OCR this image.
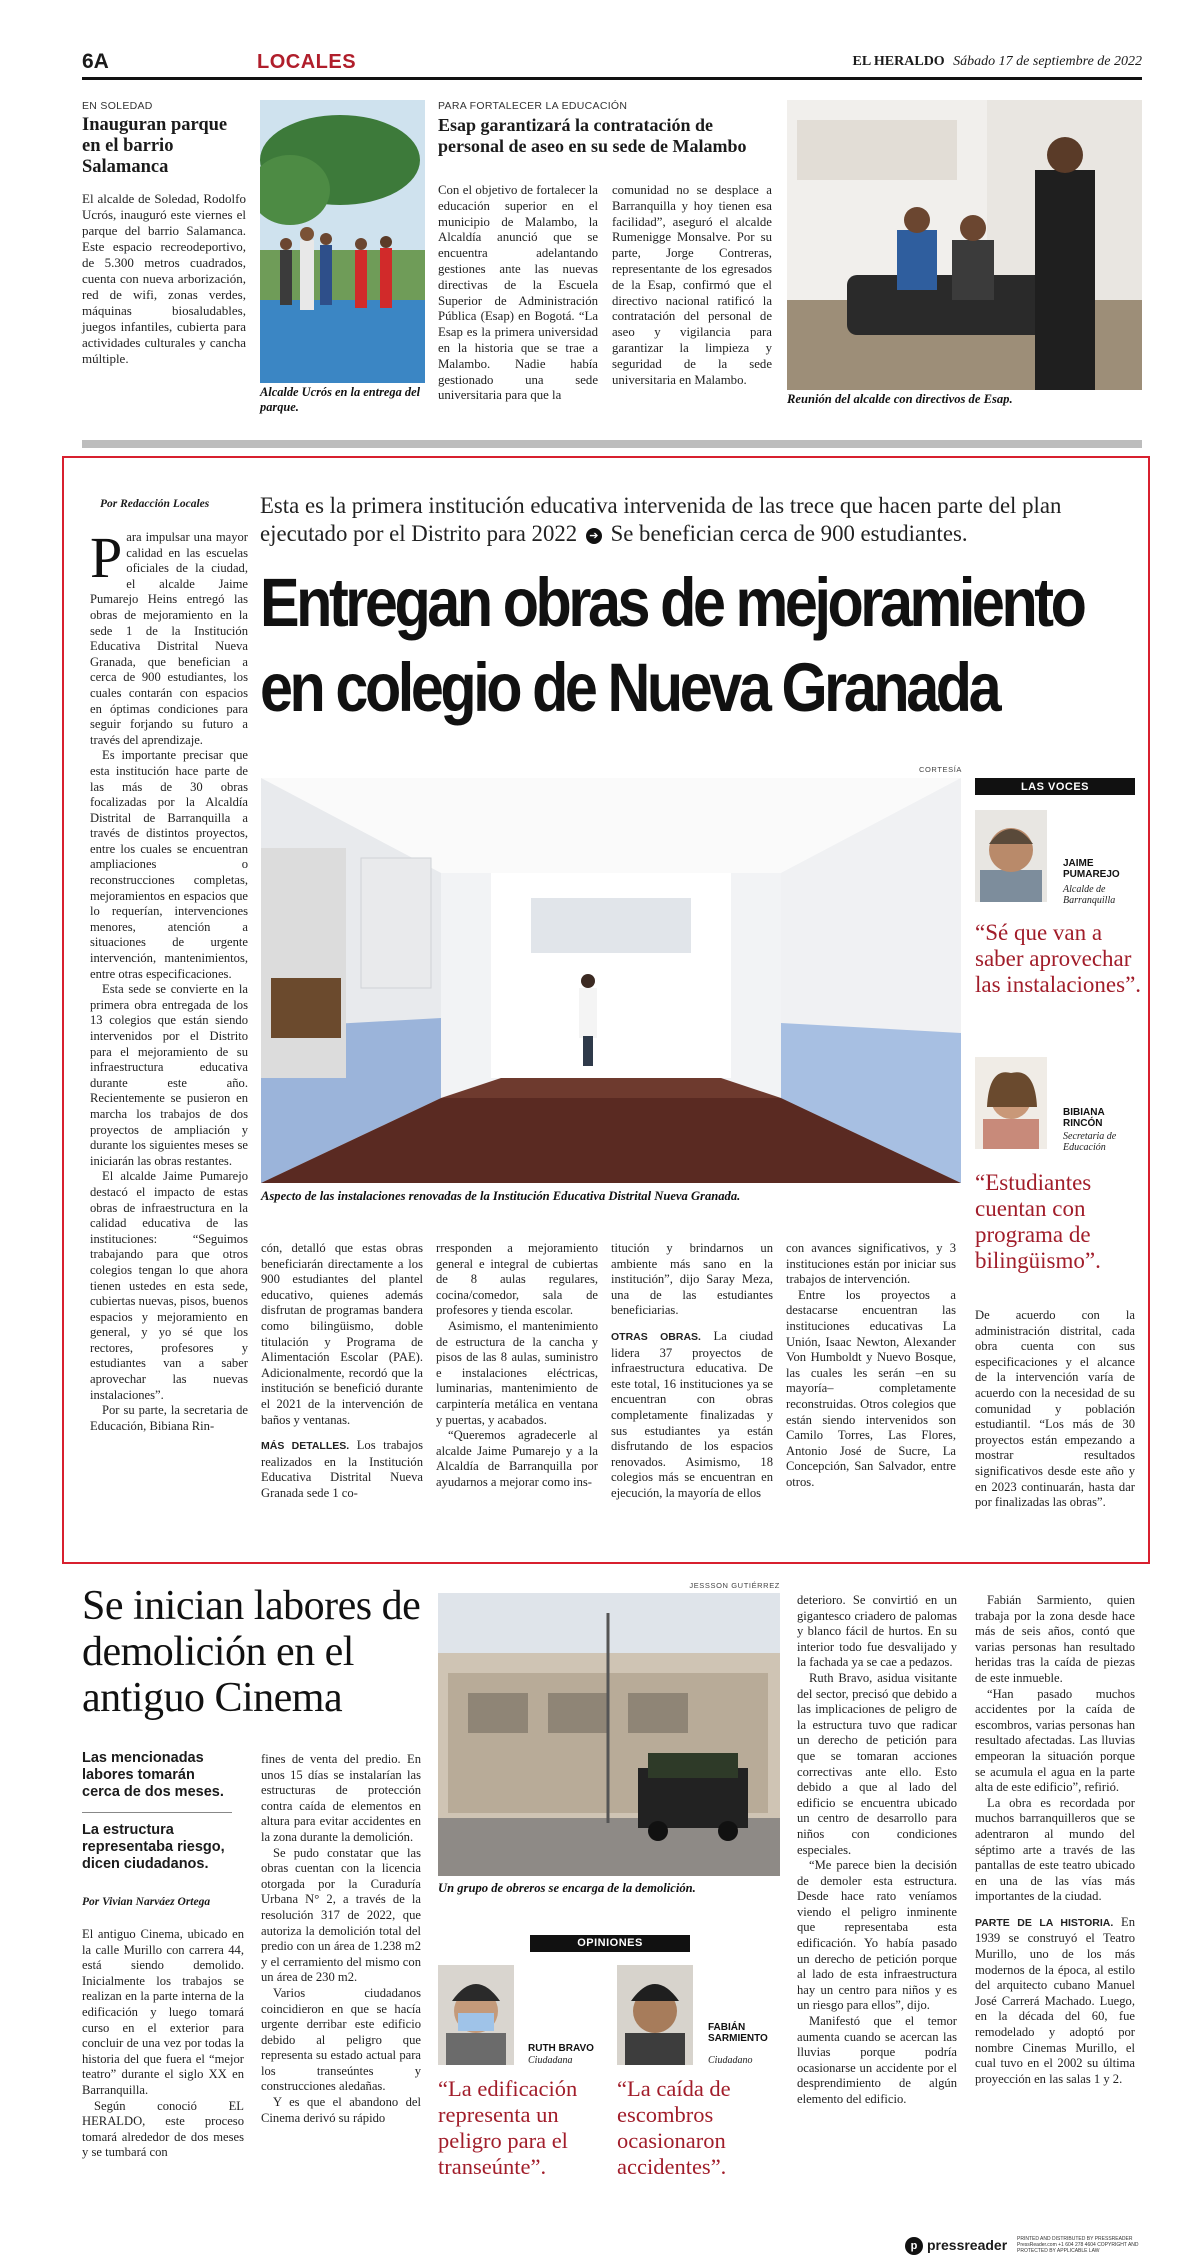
6A	LOCALES	EL HERALDO Sábado 17 de septiembre de 2022
EN SOLEDAD
Inauguran parque en el barrio Salamanca
El alcalde de Soledad, Rodolfo Ucrós, inauguró este viernes el parque del barrio Salamanca. Este espacio recreodeportivo, de 5.300 metros cuadrados, cuenta con nueva arborización, red de wifi, zonas verdes, máquinas biosaludables, juegos infantiles, cubierta para actividades culturales y cancha múltiple.
Alcalde Ucrós en la entrega del parque.
PARA FORTALECER LA EDUCACIÓN
Esap garantizará la contratación de personal de aseo en su sede de Malambo
Con el objetivo de fortalecer la educación superior en el municipio de Malambo, la Alcaldía anunció que se encuentra adelantando gestiones ante las nuevas directivas de la Escuela Superior de Administración Pública (Esap) en Bogotá. “La Esap es la primera universidad en la historia que se trae a Malambo. Nadie había gestionado una sede universitaria para que la
comunidad no se desplace a Barranquilla y hoy tienen esa facilidad”, aseguró el alcalde Rumenigge Monsalve. Por su parte, Jorge Contreras, representante de los egresados de la Esap, confirmó que el directivo nacional ratificó la contratación del personal de aseo y vigilancia para garantizar la limpieza y seguridad de la sede universitaria en Malambo.
Reunión del alcalde con directivos de Esap.
Por Redacción Locales Esta es la primera institución educativa intervenida de las trece que hacen parte del plan ejecutado por el Distrito para 2022 ➔ Se benefician cerca de 900 estudiantes.
Entregan obras de mejoramiento
en colegio de Nueva Granada

Para impulsar una mayor calidad en las escuelas oficiales de la ciudad, el alcalde Jaime Pumarejo Heins entregó las obras de mejoramiento en la sede 1 de la Institución Educativa Distrital Nueva Granada, que benefician a cerca de 900 estudiantes, los cuales contarán con espacios en óptimas condiciones para seguir forjando su futuro a través del aprendizaje.

Es importante precisar que esta institución hace parte de las más de 30 obras focalizadas por la Alcaldía Distrital de Barranquilla a través de distintos proyectos, entre los cuales se encuentran ampliaciones o reconstrucciones completas, mejoramientos en espacios que lo requerían, intervenciones menores, atención a situaciones de urgente intervención, mantenimientos, entre otras especificaciones.

Esta sede se convierte en la primera obra entregada de los 13 colegios que están siendo intervenidos por el Distrito para el mejoramiento de su infraestructura educativa durante este año. Recientemente se pusieron en marcha los trabajos de dos proyectos de ampliación y durante los siguientes meses se iniciarán las obras restantes.

El alcalde Jaime Pumarejo destacó el impacto de estas obras de infraestructura en la calidad educativa de las instituciones: “Seguimos trabajando para que otros colegios tengan lo que ahora tienen ustedes en esta sede, cubiertas nuevas, pisos, buenos espacios y mejoramiento en general, y yo sé que los rectores, profesores y estudiantes van a saber aprovechar las nuevas instalaciones”.

Por su parte, la secretaria de Educación, Bibiana Rin-

CORTESÍA
Aspecto de las instalaciones renovadas de la Institución Educativa Distrital Nueva Granada.

cón, detalló que estas obras beneficiarán directamente a los 900 estudiantes del plantel educativo, quienes además disfrutan de programas bandera como bilingüismo, doble titulación y Programa de Alimentación Escolar (PAE). Adicionalmente, recordó que la institución se benefició durante el 2021 de la intervención de baños y ventanas.

MÁS DETALLES. Los trabajos realizados en la Institución Educativa Distrital Nueva Granada sede 1 co-

rresponden a mejoramiento general e integral de cubiertas de 8 aulas regulares, cocina/comedor, sala de profesores y tienda escolar.

Asimismo, el mantenimiento de estructura de la cancha y pisos de las 8 aulas, suministro e instalaciones eléctricas, luminarias, mantenimiento de carpintería metálica en ventana y puertas, y acabados.

“Queremos agradecerle al alcalde Jaime Pumarejo y a la Alcaldía de Barranquilla por ayudarnos a mejorar como ins-

titución y brindarnos un ambiente más sano en la institución”, dijo Saray Meza, una de las estudiantes beneficiarias.

OTRAS OBRAS. La ciudad lidera 37 proyectos de infraestructura educativa. De este total, 16 instituciones ya se encuentran con obras completamente finalizadas y sus estudiantes ya están disfrutando de los espacios renovados. Asimismo, 18 colegios más se encuentran en ejecución, la mayoría de ellos

con avances significativos, y 3 instituciones están por iniciar sus trabajos de intervención.

Entre los proyectos a destacarse encuentran las instituciones educativas La Unión, Isaac Newton, Alexander Von Humboldt y Nuevo Bosque, las cuales les serán –en su mayoría– completamente reconstruidas. Otros colegios que están siendo intervenidos son Camilo Torres, Las Flores, Antonio José de Sucre, La Concepción, San Salvador, entre otros.

LAS VOCES
JAIME PUMAREJO
Alcalde de Barranquilla
“Sé que van a saber aprovechar las instalaciones”.
BIBIANA RINCÓN
Secretaria de Educación
“Estudiantes cuentan con programa de bilingüismo”.
De acuerdo con la administración distrital, cada obra cuenta con sus especificaciones y el alcance de la intervención varía de acuerdo con la necesidad de su comunidad y población estudiantil. “Los más de 30 proyectos están empezando a mostrar resultados significativos desde este año y en 2023 continuarán, hasta dar por finalizadas las obras”.
Se inician labores de demolición en el antiguo Cinema
Las mencionadas labores tomarán cerca de dos meses.
La estructura representaba riesgo, dicen ciudadanos.
Por Vivian Narváez Ortega

El antiguo Cinema, ubicado en la calle Murillo con carrera 44, está siendo demolido. Inicialmente los trabajos se realizan en la parte interna de la edificación y luego tomará curso en el exterior para concluir de una vez por todas la historia del que fuera el “mejor teatro” durante el siglo XX en Barranquilla.

Según conoció EL HERALDO, este proceso tomará alrededor de dos meses y se tumbará con

fines de venta del predio. En unos 15 días se instalarían las estructuras de protección contra caída de elementos en altura para evitar accidentes en la zona durante la demolición.

Se pudo constatar que las obras cuentan con la licencia otorgada por la Curaduría Urbana N° 2, a través de la resolución 317 de 2022, que autoriza la demolición total del predio con un área de 1.238 m2 y el cerramiento del mismo con un área de 230 m2.

Varios ciudadanos coincidieron en que se hacía urgente derribar este edificio debido al peligro que representa su estado actual para los transeúntes y construcciones aledañas.

Y es que el abandono del Cinema derivó su rápido

JESSSON GUTIÉRREZ
Un grupo de obreros se encarga de la demolición.
OPINIONES
RUTH BRAVO
Ciudadana
“La edificación representa un peligro para el transeúnte”.
FABIÁN SARMIENTO
Ciudadano
“La caída de escombros ocasionaron accidentes”.

deterioro. Se convirtió en un gigantesco criadero de palomas y blanco fácil de hurtos. En su interior todo fue desvalijado y la fachada ya se cae a pedazos.

Ruth Bravo, asidua visitante del sector, precisó que debido a las implicaciones de peligro de la estructura tuvo que radicar un derecho de petición para que se tomaran acciones correctivas ante ello. Esto debido a que al lado del edificio se encuentra ubicado un centro de desarrollo para niños con condiciones especiales.

“Me parece bien la decisión de demoler esta estructura. Desde hace rato veníamos viendo el peligro inminente que representaba esta edificación. Yo había pasado un derecho de petición porque al lado de esta infraestructura hay un centro para niños y es un riesgo para ellos”, dijo.

Manifestó que el temor aumenta cuando se acercan las lluvias porque podría ocasionarse un accidente por el desprendimiento de algún elemento del edificio.

Fabián Sarmiento, quien trabaja por la zona desde hace más de seis años, contó que varias personas han resultado heridas tras la caída de piezas de este inmueble.

“Han pasado muchos accidentes por la caída de escombros, varias personas han resultado afectadas. Las lluvias empeoran la situación porque se acumula el agua en la parte alta de este edificio”, refirió.

La obra es recordada por muchos barranquilleros que se adentraron al mundo del séptimo arte a través de las pantallas de este teatro ubicado en una de las vías más importantes de la ciudad.

PARTE DE LA HISTORIA. En 1939 se construyó el Teatro Murillo, uno de los más modernos de la época, al estilo del arquitecto cubano Manuel José Carrerá Machado. Luego, en la década del 60, fue remodelado y adoptó por nombre Cinemas Murillo, el cual tuvo en el 2002 su última proyección en las salas 1 y 2.

p pressreader PRINTED AND DISTRIBUTED BY PRESSREADER PressReader.com +1 604 278 4604 COPYRIGHT AND PROTECTED BY APPLICABLE LAW
